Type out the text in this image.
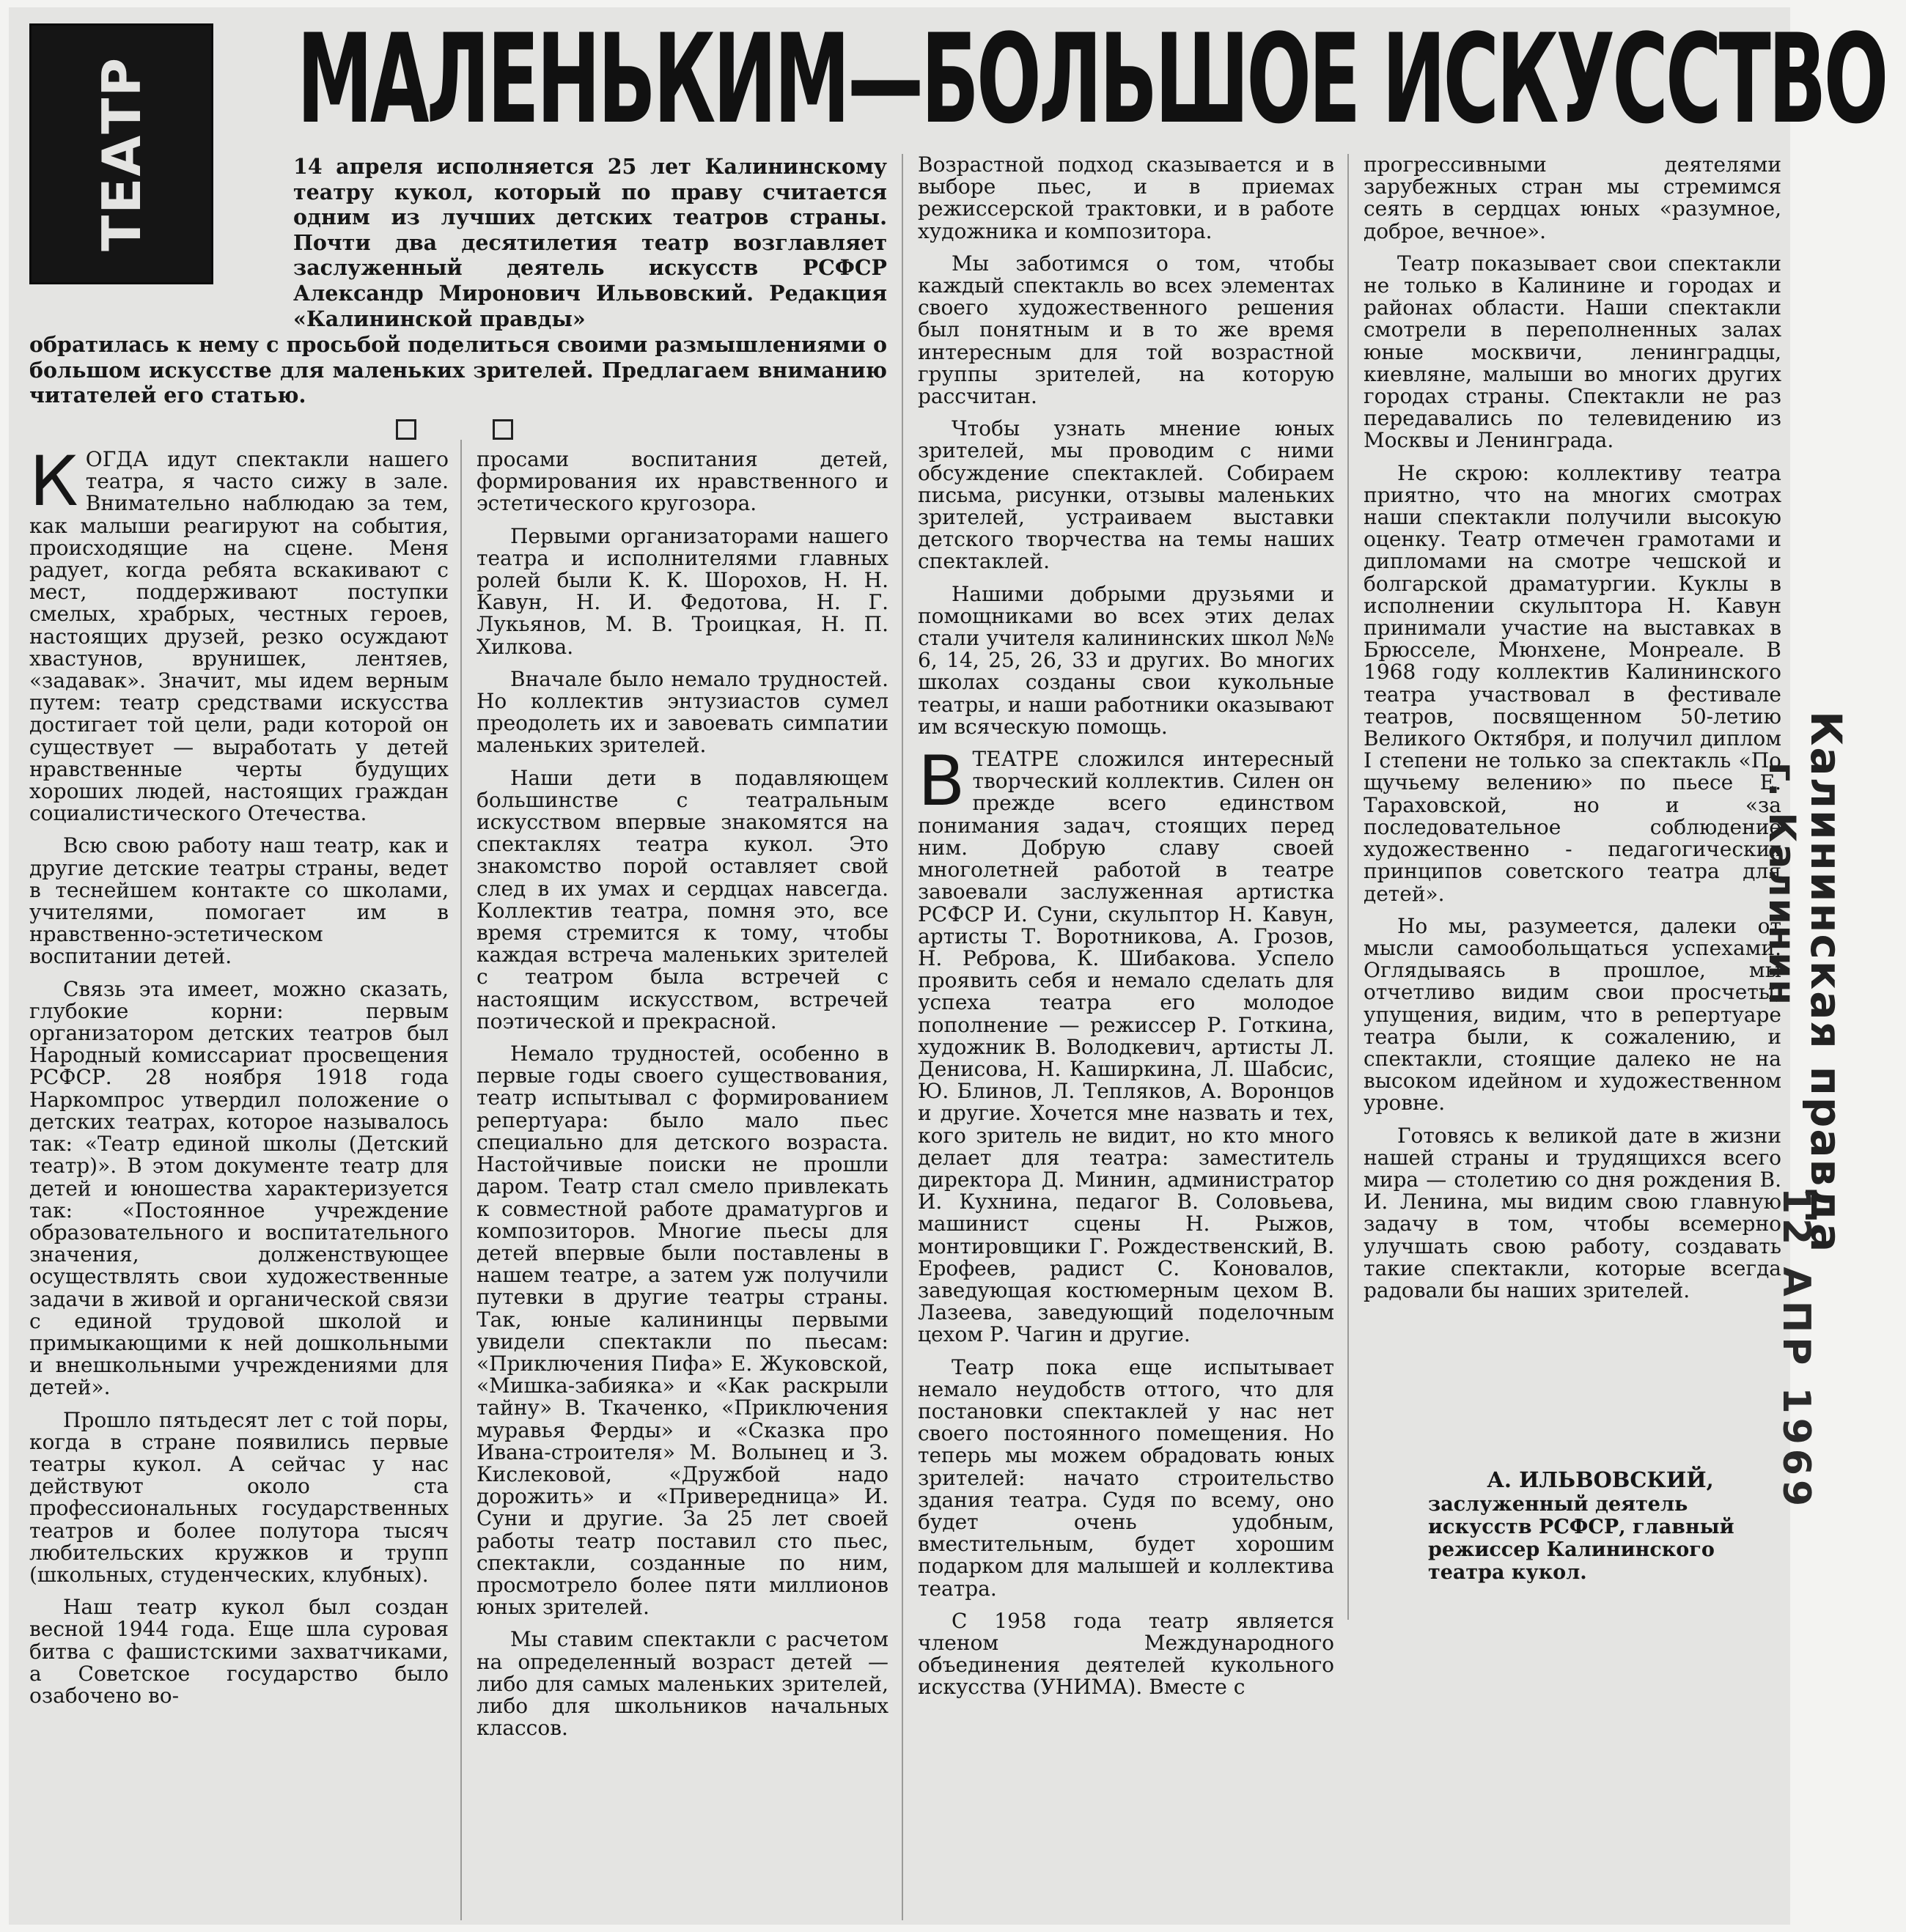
ТЕАТР МАЛЕНЬКИМ—БОЛЬШОЕ ИСКУССТВО
14 апреля исполняется 25 лет Калининскому театру кукол, который по праву считается одним из лучших детских театров страны. Почти два десятилетия театр возглавляет заслуженный деятель искусств РСФСР Александр Миронович Ильвовский. Редакция «Калининской правды»
обратилась к нему с просьбой поделиться своими размышлениями о большом искусстве для маленьких зрителей. Предлагаем вниманию читателей его статью.

КОГДА идут спектакли нашего театра, я часто сижу в зале. Внимательно наблюдаю за тем, как малыши реагируют на события, происходящие на сцене. Меня радует, когда ребята вскакивают с мест, поддерживают поступки смелых, храбрых, честных героев, настоящих друзей, резко осуждают хвастунов, врунишек, лентяев, «задавак». Значит, мы идем верным путем: театр средствами искусства достигает той цели, ради которой он существует — выработать у детей нравственные черты будущих хороших людей, настоящих граждан социалистического Отечества.

Всю свою работу наш театр, как и другие детские театры страны, ведет в теснейшем контакте со школами, учителями, помогает им в нравственно-эстетическом воспитании детей.

Связь эта имеет, можно сказать, глубокие корни: первым организатором детских театров был Народный комиссариат просвещения РСФСР. 28 ноября 1918 года Наркомпрос утвердил положение о детских театрах, которое называлось так: «Театр единой школы (Детский театр)». В этом документе театр для детей и юношества характеризуется так: «Постоянное учреждение образовательного и воспитательного значения, долженствующее осуществлять свои художественные задачи в живой и органической связи с единой трудовой школой и примыкающими к ней дошкольными и внешкольными учреждениями для детей».

Прошло пятьдесят лет с той поры, когда в стране появились первые театры кукол. А сейчас у нас действуют около ста профессиональных государственных театров и более полутора тысяч любительских кружков и трупп (школьных, студенческих, клубных).

Наш театр кукол был создан весной 1944 года. Еще шла суровая битва с фашистскими захватчиками, а Советское государство было озабочено во-

просами воспитания детей, формирования их нравственного и эстетического кругозора.

Первыми организаторами нашего театра и исполнителями главных ролей были К. К. Шорохов, Н. Н. Кавун, Н. И. Федотова, Н. Г. Лукьянов, М. В. Троицкая, Н. П. Хилкова.

Вначале было немало трудностей. Но коллектив энтузиастов сумел преодолеть их и завоевать симпатии маленьких зрителей.

Наши дети в подавляющем большинстве с театральным искусством впервые знакомятся на спектаклях театра кукол. Это знакомство порой оставляет свой след в их умах и сердцах навсегда. Коллектив театра, помня это, все время стремится к тому, чтобы каждая встреча маленьких зрителей с театром была встречей с настоящим искусством, встречей поэтической и прекрасной.

Немало трудностей, особенно в первые годы своего существования, театр испытывал с формированием репертуара: было мало пьес специально для детского возраста. Настойчивые поиски не прошли даром. Театр стал смело привлекать к совместной работе драматургов и композиторов. Многие пьесы для детей впервые были поставлены в нашем театре, а затем уж получили путевки в другие театры страны. Так, юные калининцы первыми увидели спектакли по пьесам: «Приключения Пифа» Е. Жуковской, «Мишка-забияка» и «Как раскрыли тайну» В. Ткаченко, «Приключения муравья Ферды» и «Сказка про Ивана-строителя» М. Волынец и З. Кислековой, «Дружбой надо дорожить» и «Привередница» И. Суни и другие. За 25 лет своей работы театр поставил сто пьес, спектакли, созданные по ним, просмотрело более пяти миллионов юных зрителей.

Мы ставим спектакли с расчетом на определенный возраст детей — либо для самых маленьких зрителей, либо для школьников начальных классов.

Возрастной подход сказывается и в выборе пьес, и в приемах режиссерской трактовки, и в работе художника и композитора.

Мы заботимся о том, чтобы каждый спектакль во всех элементах своего художественного решения был понятным и в то же время интересным для той возрастной группы зрителей, на которую рассчитан.

Чтобы узнать мнение юных зрителей, мы проводим с ними обсуждение спектаклей. Собираем письма, рисунки, отзывы маленьких зрителей, устраиваем выставки детского творчества на темы наших спектаклей.

Нашими добрыми друзьями и помощниками во всех этих делах стали учителя калининских школ №№ 6, 14, 25, 26, 33 и других. Во многих школах созданы свои кукольные театры, и наши работники оказывают им всяческую помощь.

ВТЕАТРЕ сложился интересный творческий коллектив. Силен он прежде всего единством понимания задач, стоящих перед ним. Добрую славу своей многолетней работой в театре завоевали заслуженная артистка РСФСР И. Суни, скульптор Н. Кавун, артисты Т. Воротникова, А. Грозов, Н. Реброва, К. Шибакова. Успело проявить себя и немало сделать для успеха театра его молодое пополнение — режиссер Р. Готкина, художник В. Володкевич, артисты Л. Денисова, Н. Каширкина, Л. Шабсис, Ю. Блинов, Л. Тепляков, А. Воронцов и другие. Хочется мне назвать и тех, кого зритель не видит, но кто много делает для театра: заместитель директора Д. Минин, администратор И. Кухнина, педагог В. Соловьева, машинист сцены Н. Рыжов, монтировщики Г. Рождественский, В. Ерофеев, радист С. Коновалов, заведующая костюмерным цехом В. Лазеева, заведующий поделочным цехом Р. Чагин и другие.

Театр пока еще испытывает немало неудобств оттого, что для постановки спектаклей у нас нет своего постоянного помещения. Но теперь мы можем обрадовать юных зрителей: начато строительство здания театра. Судя по всему, оно будет очень удобным, вместительным, будет хорошим подарком для малышей и коллектива театра.

С 1958 года театр является членом Международного объединения деятелей кукольного искусства (УНИМА). Вместе с

прогрессивными деятелями зарубежных стран мы стремимся сеять в сердцах юных «разумное, доброе, вечное».

Театр показывает свои спектакли не только в Калинине и городах и районах области. Наши спектакли смотрели в переполненных залах юные москвичи, ленинградцы, киевляне, малыши во многих других городах страны. Спектакли не раз передавались по телевидению из Москвы и Ленинграда.

Не скрою: коллективу театра приятно, что на многих смотрах наши спектакли получили высокую оценку. Театр отмечен грамотами и дипломами на смотре чешской и болгарской драматургии. Куклы в исполнении скульптора Н. Кавун принимали участие на выставках в Брюсселе, Мюнхене, Монреале. В 1968 году коллектив Калининского театра участвовал в фестивале театров, посвященном 50-летию Великого Октября, и получил диплом I степени не только за спектакль «По щучьему велению» по пьесе Е. Тараховской, но и «за последовательное соблюдение художественно - педагогических принципов советского театра для детей».

Но мы, разумеется, далеки от мысли самообольщаться успехами. Оглядываясь в прошлое, мы отчетливо видим свои просчеты, упущения, видим, что в репертуаре театра были, к сожалению, и спектакли, стоящие далеко не на высоком идейном и художественном уровне.

Готовясь к великой дате в жизни нашей страны и трудящихся всего мира — столетию со дня рождения В. И. Ленина, мы видим свою главную задачу в том, чтобы всемерно улучшать свою работу, создавать такие спектакли, которые всегда радовали бы наших зрителей.

А. ИЛЬВОВСКИЙ,
заслуженный деятель искусств РСФСР, главный режиссер Калининского театра кукол.
Калининская правда
г. Калинин
12 АПР 1969
